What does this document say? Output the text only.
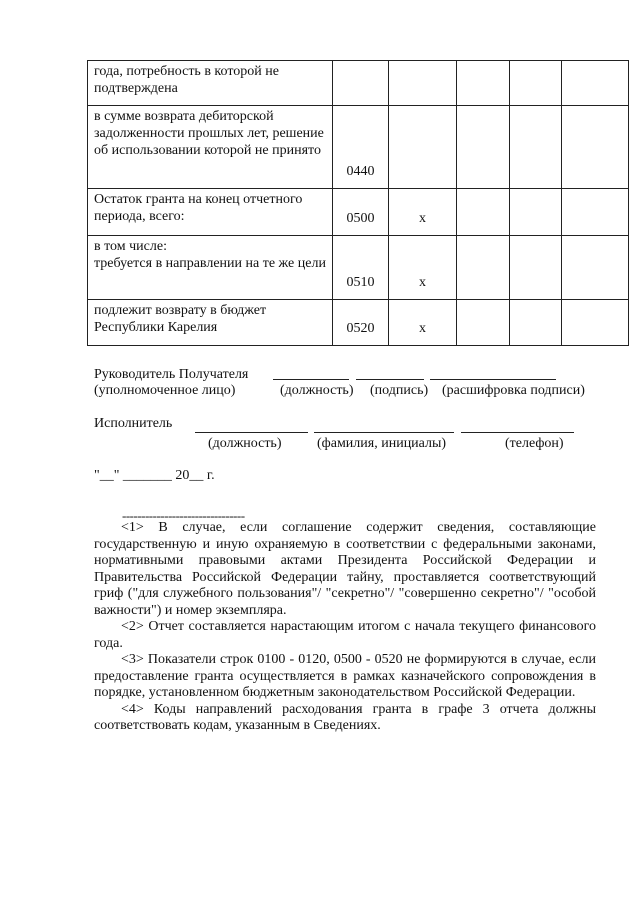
года, потребность в которой не подтверждена					
в сумме возврата дебиторской задолженности прошлых лет, решение об использовании которой не принято	0440				
Остаток гранта на конец отчетного периода, всего:	0500	x			
в том числе:
требуется в направлении на те же цели	0510	x			
подлежит возврату в бюджет Республики Карелия	0520	x			
Руководитель Получателя
(уполномоченное лицо)	(должность) (подпись) (расшифровка подписи)
Исполнитель
(должность)	(фамилия, инициалы)	(телефон)
"__" _______ 20__ г.
--------------------------------

<1> В случае, если соглашение содержит сведения, составляющие государственную и иную охраняемую в соответствии с федеральными законами, нормативными правовыми актами Президента Российской Федерации и Правительства Российской Федерации тайну, проставляется соответствующий гриф ("для служебного пользования"/ "секретно"/ "совершенно секретно"/ "особой важности") и номер экземпляра.

<2> Отчет составляется нарастающим итогом с начала текущего финансового года.

<3> Показатели строк 0100 - 0120, 0500 - 0520 не формируются в случае, если предоставление гранта осуществляется в рамках казначейского сопровождения в порядке, установленном бюджетным законодательством Российской Федерации.

<4> Коды направлений расходования гранта в графе 3 отчета должны соответствовать кодам, указанным в Сведениях.
